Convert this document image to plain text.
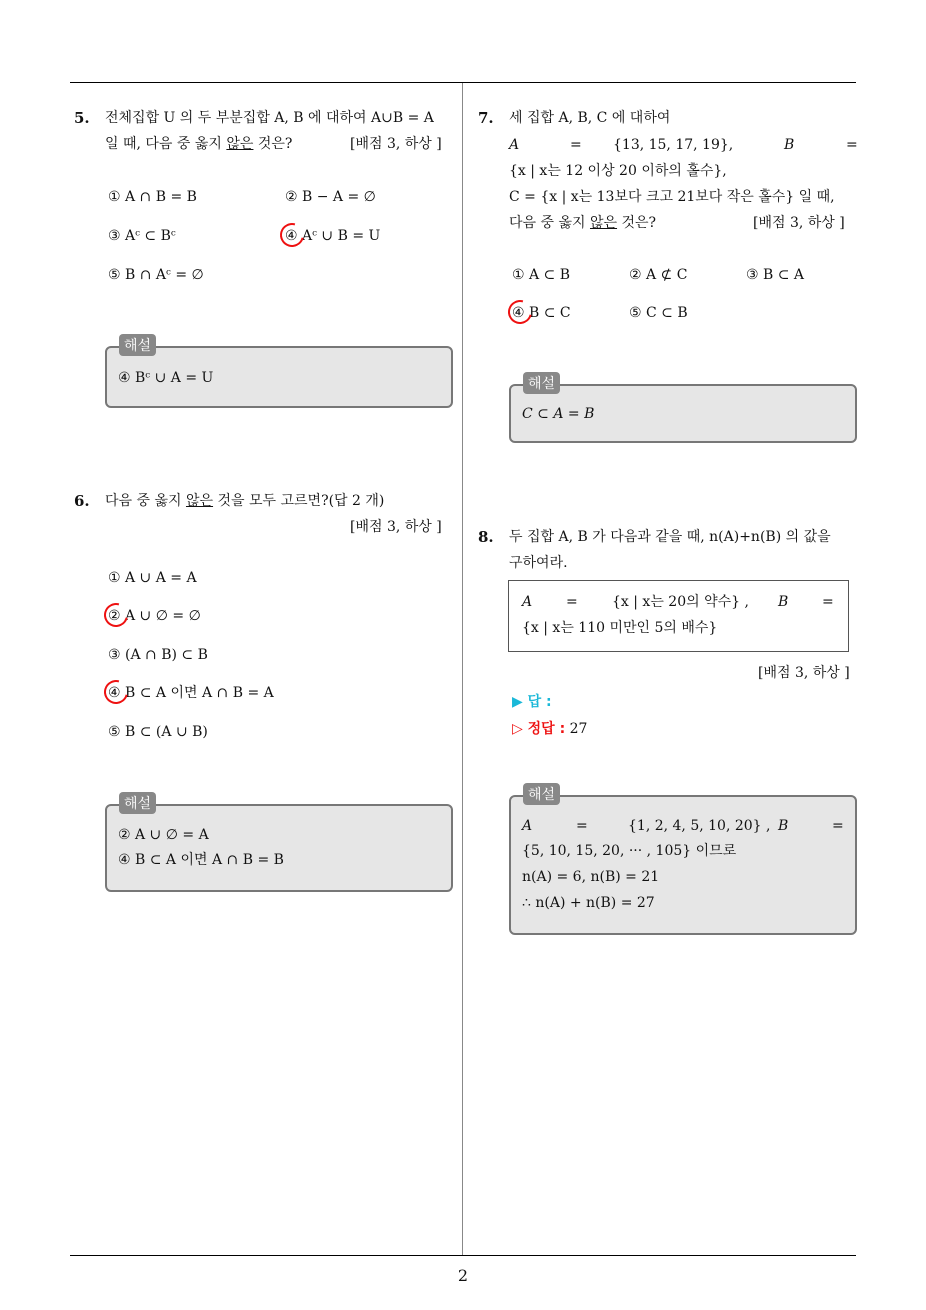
5. 전체집합 U 의 두 부분집합 A, B 에 대하여 A∪B = A
일 때, 다음 중 옳지 않은 것은?	[배점 3, 하상 ]
① A ∩ B = B	② B − A = ∅
③ Aᶜ ⊂ Bᶜ	④ Aᶜ ∪ B = U
⑤ B ∩ Aᶜ = ∅
해설
④ Bᶜ ∪ A = U
6. 다음 중 옳지 않은 것을 모두 고르면?(답 2 개)
[배점 3, 하상 ]
① A ∪ A = A
② A ∪ ∅ = ∅
③ (A ∩ B) ⊂ B
④ B ⊂ A 이면 A ∩ B = A
⑤ B ⊂ (A ∪ B)
해설
② A ∪ ∅ = A
④ B ⊂ A 이면 A ∩ B = B
7. 세 집합 A, B, C 에 대하여
A	= {13, 15, 17, 19},	B	=
{x | x는 12 이상 20 이하의 홀수},
C = {x | x는 13보다 크고 21보다 작은 홀수} 일 때,
다음 중 옳지 않은 것은?	[배점 3, 하상 ]
① A ⊂ B	② A ⊄ C	③ B ⊂ A
④ B ⊂ C	⑤ C ⊂ B
해설
C ⊂ A = B
8. 두 집합 A, B 가 다음과 같을 때, n(A)+n(B) 의 값을
구하여라.
A = {x | x는 20의 약수} , B =
{x | x는 110 미만인 5의 배수}
[배점 3, 하상 ]
▶ 답 :
▷ 정답 : 27
해설
A	=	{1, 2, 4, 5, 10, 20} , B	=
{5, 10, 15, 20, ··· , 105} 이므로
n(A) = 6, n(B) = 21
∴ n(A) + n(B) = 27
2
